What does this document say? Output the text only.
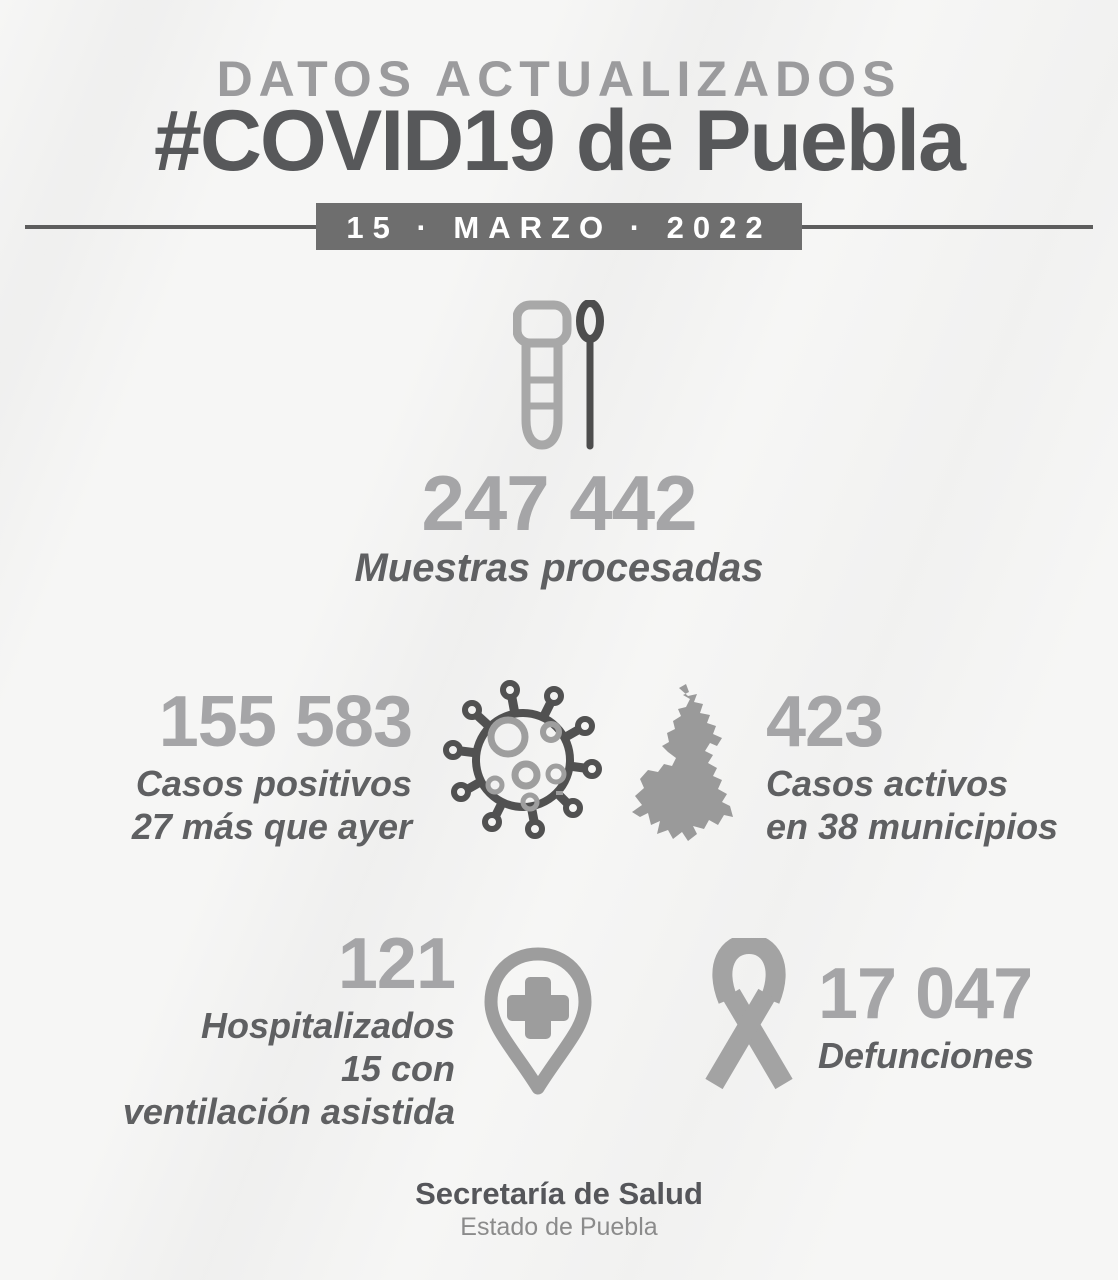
DATOS ACTUALIZADOS
#COVID19 de Puebla
15 · MARZO · 2022
247 442
Muestras procesadas
155 583
Casos positivos
27 más que ayer
423
Casos activos
en 38 municipios
121
Hospitalizados
15 con
ventilación asistida
17 047
Defunciones
Secretaría de Salud
Estado de Puebla
